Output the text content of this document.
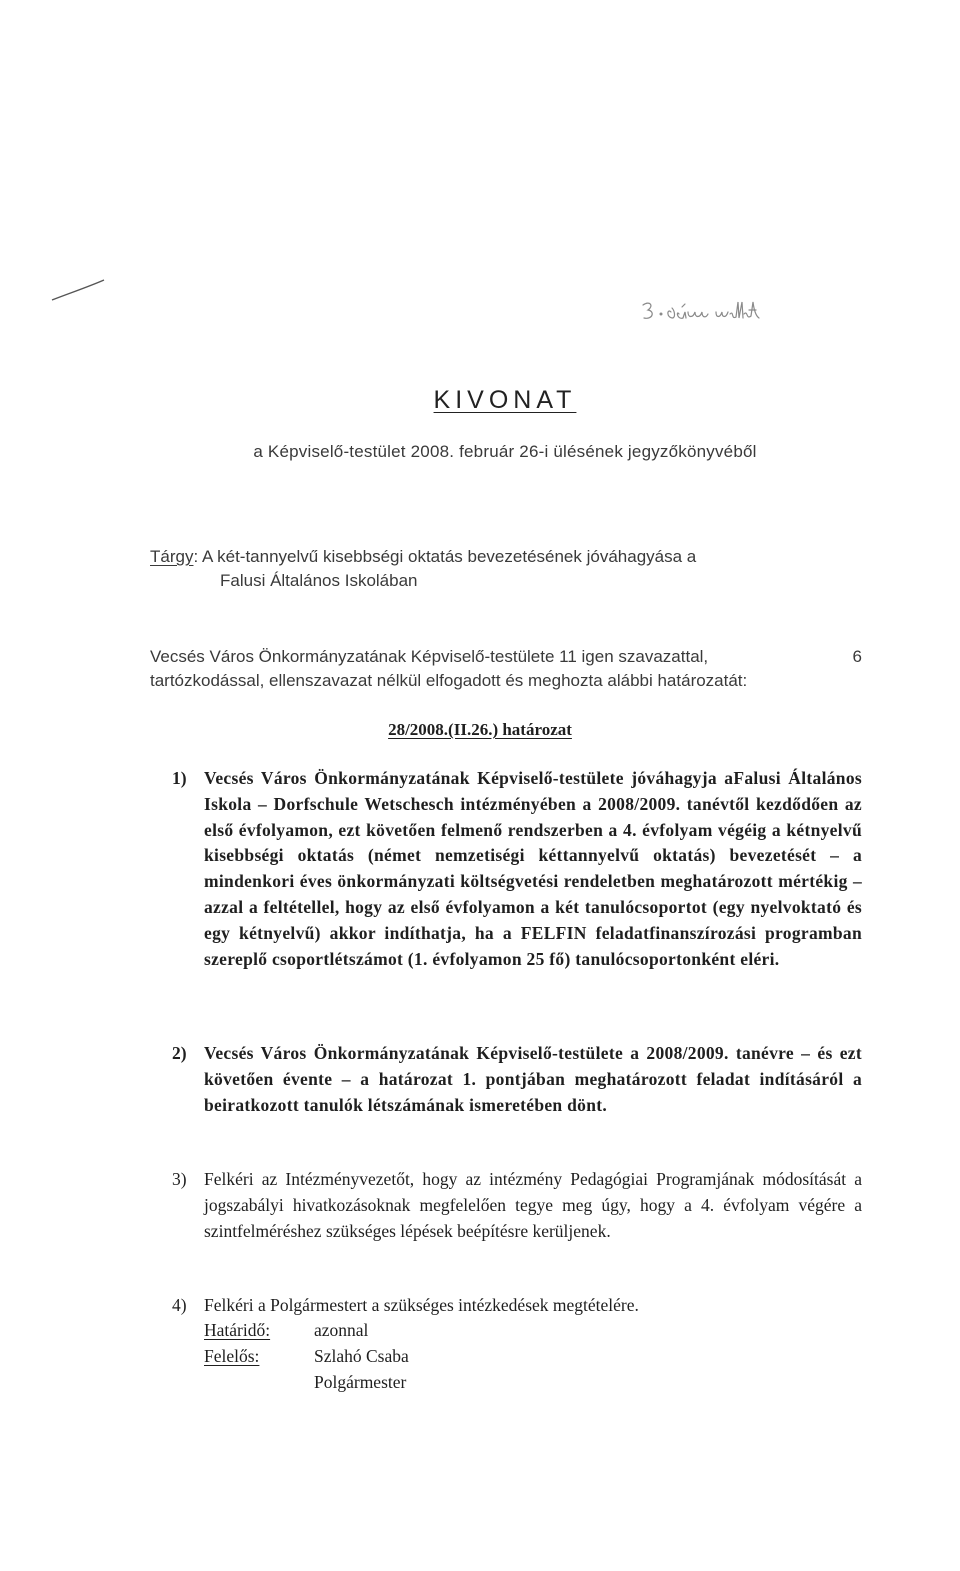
KIVONAT
a Képviselő-testület 2008. február 26-i ülésének jegyzőkönyvéből
Tárgy: A két-tannyelvű kisebbségi oktatás bevezetésének jóváhagyása a
Falusi Általános Iskolában
Vecsés Város Önkormányzatának Képviselő-testülete 11 igen szavazattal,	6
tartózkodással, ellenszavazat nélkül elfogadott és meghozta alábbi határozatát:
28/2008.(II.26.) határozat
1) Vecsés Város Önkormányzatának Képviselő-testülete jóváhagyja aFalusi Általános Iskola – Dorfschule Wetschesch intézményében a 2008/2009. tanévtől kezdődően az első évfolyamon, ezt követően felmenő rendszerben a 4. évfolyam végéig a kétnyelvű kisebbségi oktatás (német nemzetiségi kéttannyelvű oktatás) bevezetését – a mindenkori éves önkormányzati költségvetési rendeletben meghatározott mértékig – azzal a feltétellel, hogy az első évfolyamon a két tanulócsoportot (egy nyelvoktató és egy kétnyelvű) akkor indíthatja, ha a FELFIN feladatfinanszírozási programban szereplő csoportlétszámot (1. évfolyamon 25 fő) tanulócsoportonként eléri.
2) Vecsés Város Önkormányzatának Képviselő-testülete a 2008/2009. tanévre – és ezt követően évente – a határozat 1. pontjában meghatározott feladat indításáról a beiratkozott tanulók létszámának ismeretében dönt.
3) Felkéri az Intézményvezetőt, hogy az intézmény Pedagógiai Programjának módosítását a jogszabályi hivatkozásoknak megfelelően tegye meg úgy, hogy a 4. évfolyam végére a szintfelméréshez szükséges lépések beépítésre kerüljenek.
4) Felkéri a Polgármestert a szükséges intézkedések megtételére.
Határidő:	azonnal
Felelős:	Szlahó Csaba
Polgármester
